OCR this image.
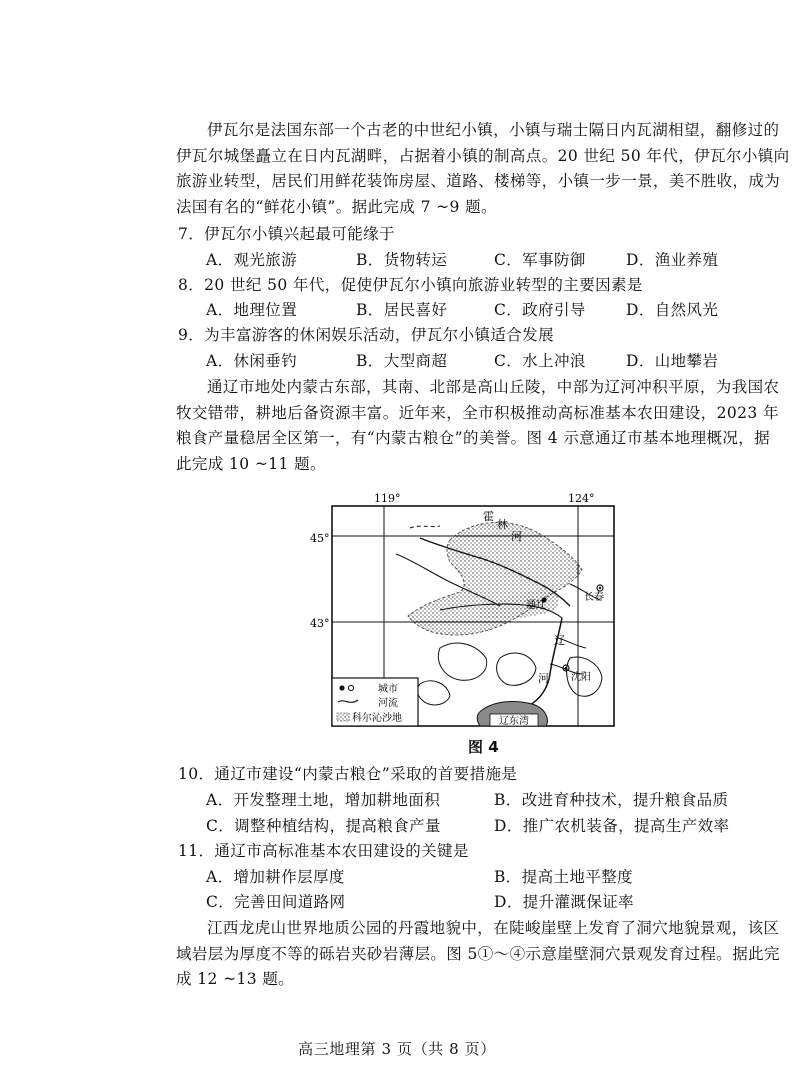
伊瓦尔是法国东部一个古老的中世纪小镇，小镇与瑞士隔日内瓦湖相望，翻修过的
伊瓦尔城堡矗立在日内瓦湖畔，占据着小镇的制高点。20 世纪 50 年代，伊瓦尔小镇向
旅游业转型，居民们用鲜花装饰房屋、道路、楼梯等，小镇一步一景，美不胜收，成为
法国有名的“鲜花小镇”。据此完成 7 ~9 题。
7．伊瓦尔小镇兴起最可能缘于
A．观光旅游	B．货物转运	C．军事防御	D．渔业养殖
8．20 世纪 50 年代，促使伊瓦尔小镇向旅游业转型的主要因素是
A．地理位置	B．居民喜好	C．政府引导	D．自然风光
9．为丰富游客的休闲娱乐活动，伊瓦尔小镇适合发展
A．休闲垂钓	B．大型商超	C．水上冲浪	D．山地攀岩
通辽市地处内蒙古东部，其南、北部是高山丘陵，中部为辽河冲积平原，为我国农
牧交错带，耕地后备资源丰富。近年来，全市积极推动高标准基本农田建设，2023 年
粮食产量稳居全区第一，有“内蒙古粮仓”的美誉。图 4 示意通辽市基本地理概况，据
此完成 10 ~11 题。
119°	124°
45°
43°
辽东湾
霍
林
河
辽
河
通辽
长春
沈阳
城市
河流
科尔沁沙地
图 4
10．通辽市建设“内蒙古粮仓”采取的首要措施是
A．开发整理土地，增加耕地面积	B．改进育种技术，提升粮食品质
C．调整种植结构，提高粮食产量	D．推广农机装备，提高生产效率
11．通辽市高标准基本农田建设的关键是
A．增加耕作层厚度	B．提高土地平整度
C．完善田间道路网	D．提升灌溉保证率
江西龙虎山世界地质公园的丹霞地貌中，在陡峻崖壁上发育了洞穴地貌景观，该区
域岩层为厚度不等的砾岩夹砂岩薄层。图 5①～④示意崖壁洞穴景观发育过程。据此完
成 12 ~13 题。
高三地理第 3 页（共 8 页）
